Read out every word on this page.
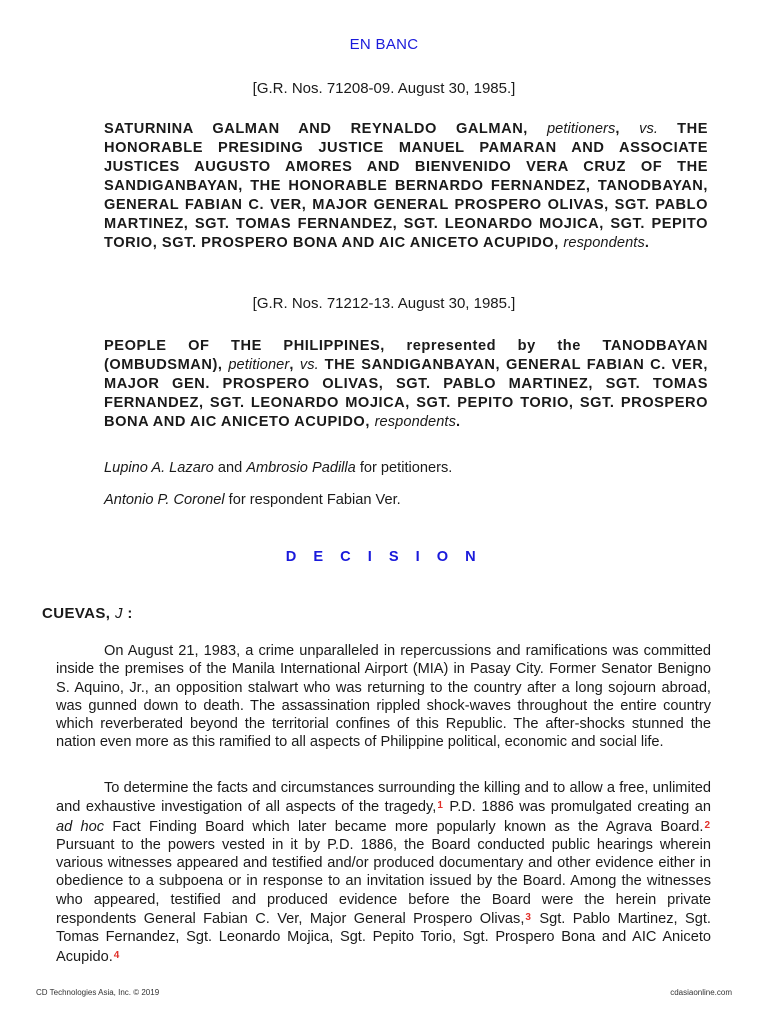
EN BANC
[G.R. Nos. 71208-09. August 30, 1985.]
SATURNINA GALMAN AND REYNALDO GALMAN, petitioners, vs. THE HONORABLE PRESIDING JUSTICE MANUEL PAMARAN AND ASSOCIATE JUSTICES AUGUSTO AMORES AND BIENVENIDO VERA CRUZ OF THE SANDIGANBAYAN, THE HONORABLE BERNARDO FERNANDEZ, TANODBAYAN, GENERAL FABIAN C. VER, MAJOR GENERAL PROSPERO OLIVAS, SGT. PABLO MARTINEZ, SGT. TOMAS FERNANDEZ, SGT. LEONARDO MOJICA, SGT. PEPITO TORIO, SGT. PROSPERO BONA AND AIC ANICETO ACUPIDO, respondents.
[G.R. Nos. 71212-13. August 30, 1985.]
PEOPLE OF THE PHILIPPINES, represented by the TANODBAYAN (OMBUDSMAN), petitioner, vs. THE SANDIGANBAYAN, GENERAL FABIAN C. VER, MAJOR GEN. PROSPERO OLIVAS, SGT. PABLO MARTINEZ, SGT. TOMAS FERNANDEZ, SGT. LEONARDO MOJICA, SGT. PEPITO TORIO, SGT. PROSPERO BONA AND AIC ANICETO ACUPIDO, respondents.
Lupino A. Lazaro and Ambrosio Padilla for petitioners.
Antonio P. Coronel for respondent Fabian Ver.
D E C I S I O N
CUEVAS, J :

On August 21, 1983, a crime unparalleled in repercussions and ramifications was committed inside the premises of the Manila International Airport (MIA) in Pasay City. Former Senator Benigno S. Aquino, Jr., an opposition stalwart who was returning to the country after a long sojourn abroad, was gunned down to death. The assassination rippled shock-waves throughout the entire country which reverberated beyond the territorial confines of this Republic. The after-shocks stunned the nation even more as this ramified to all aspects of Philippine political, economic and social life.

To determine the facts and circumstances surrounding the killing and to allow a free, unlimited and exhaustive investigation of all aspects of the tragedy,$^1$ P.D. 1886 was promulgated creating an ad hoc Fact Finding Board which later became more popularly known as the Agrava Board.$^2$ Pursuant to the powers vested in it by P.D. 1886, the Board conducted public hearings wherein various witnesses appeared and testified and/or produced documentary and other evidence either in obedience to a subpoena or in response to an invitation issued by the Board. Among the witnesses who appeared, testified and produced evidence before the Board were the herein private respondents General Fabian C. Ver, Major General Prospero Olivas,$^3$ Sgt. Pablo Martinez, Sgt. Tomas Fernandez, Sgt. Leonardo Mojica, Sgt. Pepito Torio, Sgt. Prospero Bona and AIC Aniceto Acupido.$^4$

CD Technologies Asia, Inc. © 2019	cdasiaonline.com
